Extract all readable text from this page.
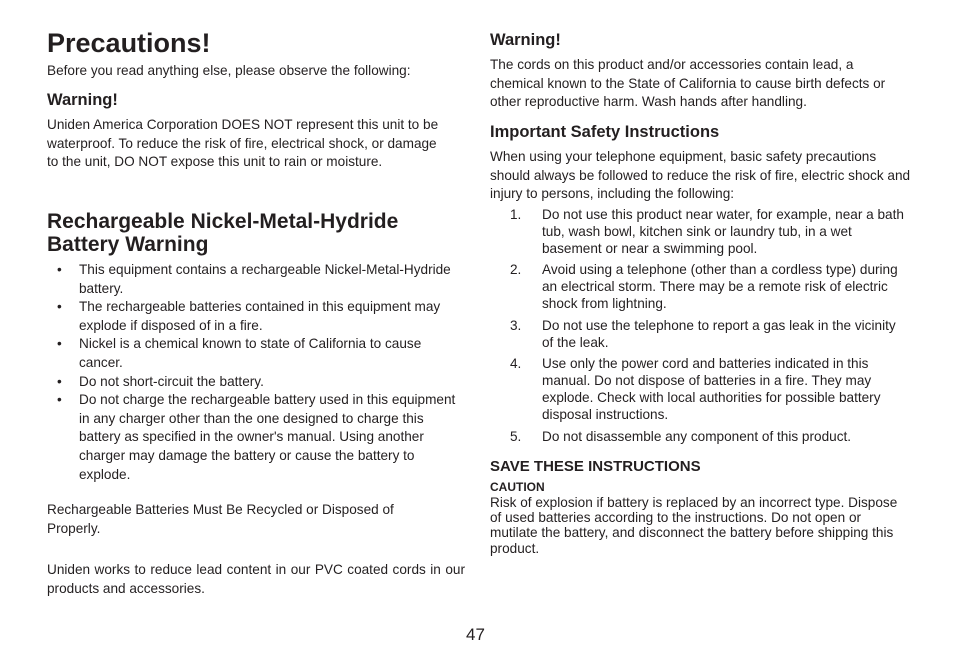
Precautions!

Before you read anything else, please observe the following:

Warning!

Uniden America Corporation DOES NOT represent this unit to be waterproof. To reduce the risk of fire, electrical shock, or damage to the unit, DO NOT expose this unit to rain or moisture.

Rechargeable Nickel-Metal-Hydride Battery Warning
• This equipment contains a rechargeable Nickel-Metal-Hydride battery.
• The rechargeable batteries contained in this equipment may explode if disposed of in a fire.
• Nickel is a chemical known to state of California to cause cancer.
• Do not short-circuit the battery.
• Do not charge the rechargeable battery used in this equipment in any charger other than the one designed to charge this battery as specified in the owner's manual. Using another charger may damage the battery or cause the battery to explode.

Rechargeable Batteries Must Be Recycled or Disposed of Properly.

Uniden works to reduce lead content in our PVC coated cords in our products and accessories.

Warning!

The cords on this product and/or accessories contain lead, a chemical known to the State of California to cause birth defects or other reproductive harm. Wash hands after handling.

Important Safety Instructions

When using your telephone equipment, basic safety precautions should always be followed to reduce the risk of fire, electric shock and injury to persons, including the following:

1. Do not use this product near water, for example, near a bath tub, wash bowl, kitchen sink or laundry tub, in a wet basement or near a swimming pool.
2. Avoid using a telephone (other than a cordless type) during an electrical storm. There may be a remote risk of electric shock from lightning.
3. Do not use the telephone to report a gas leak in the vicinity of the leak.
4. Use only the power cord and batteries indicated in this manual. Do not dispose of batteries in a fire. They may explode. Check with local authorities for possible battery disposal instructions.
5. Do not disassemble any component of this product.
SAVE THESE INSTRUCTIONS

CAUTION

Risk of explosion if battery is replaced by an incorrect type. Dispose of used batteries according to the instructions. Do not open or mutilate the battery, and disconnect the battery before shipping this product.

47
